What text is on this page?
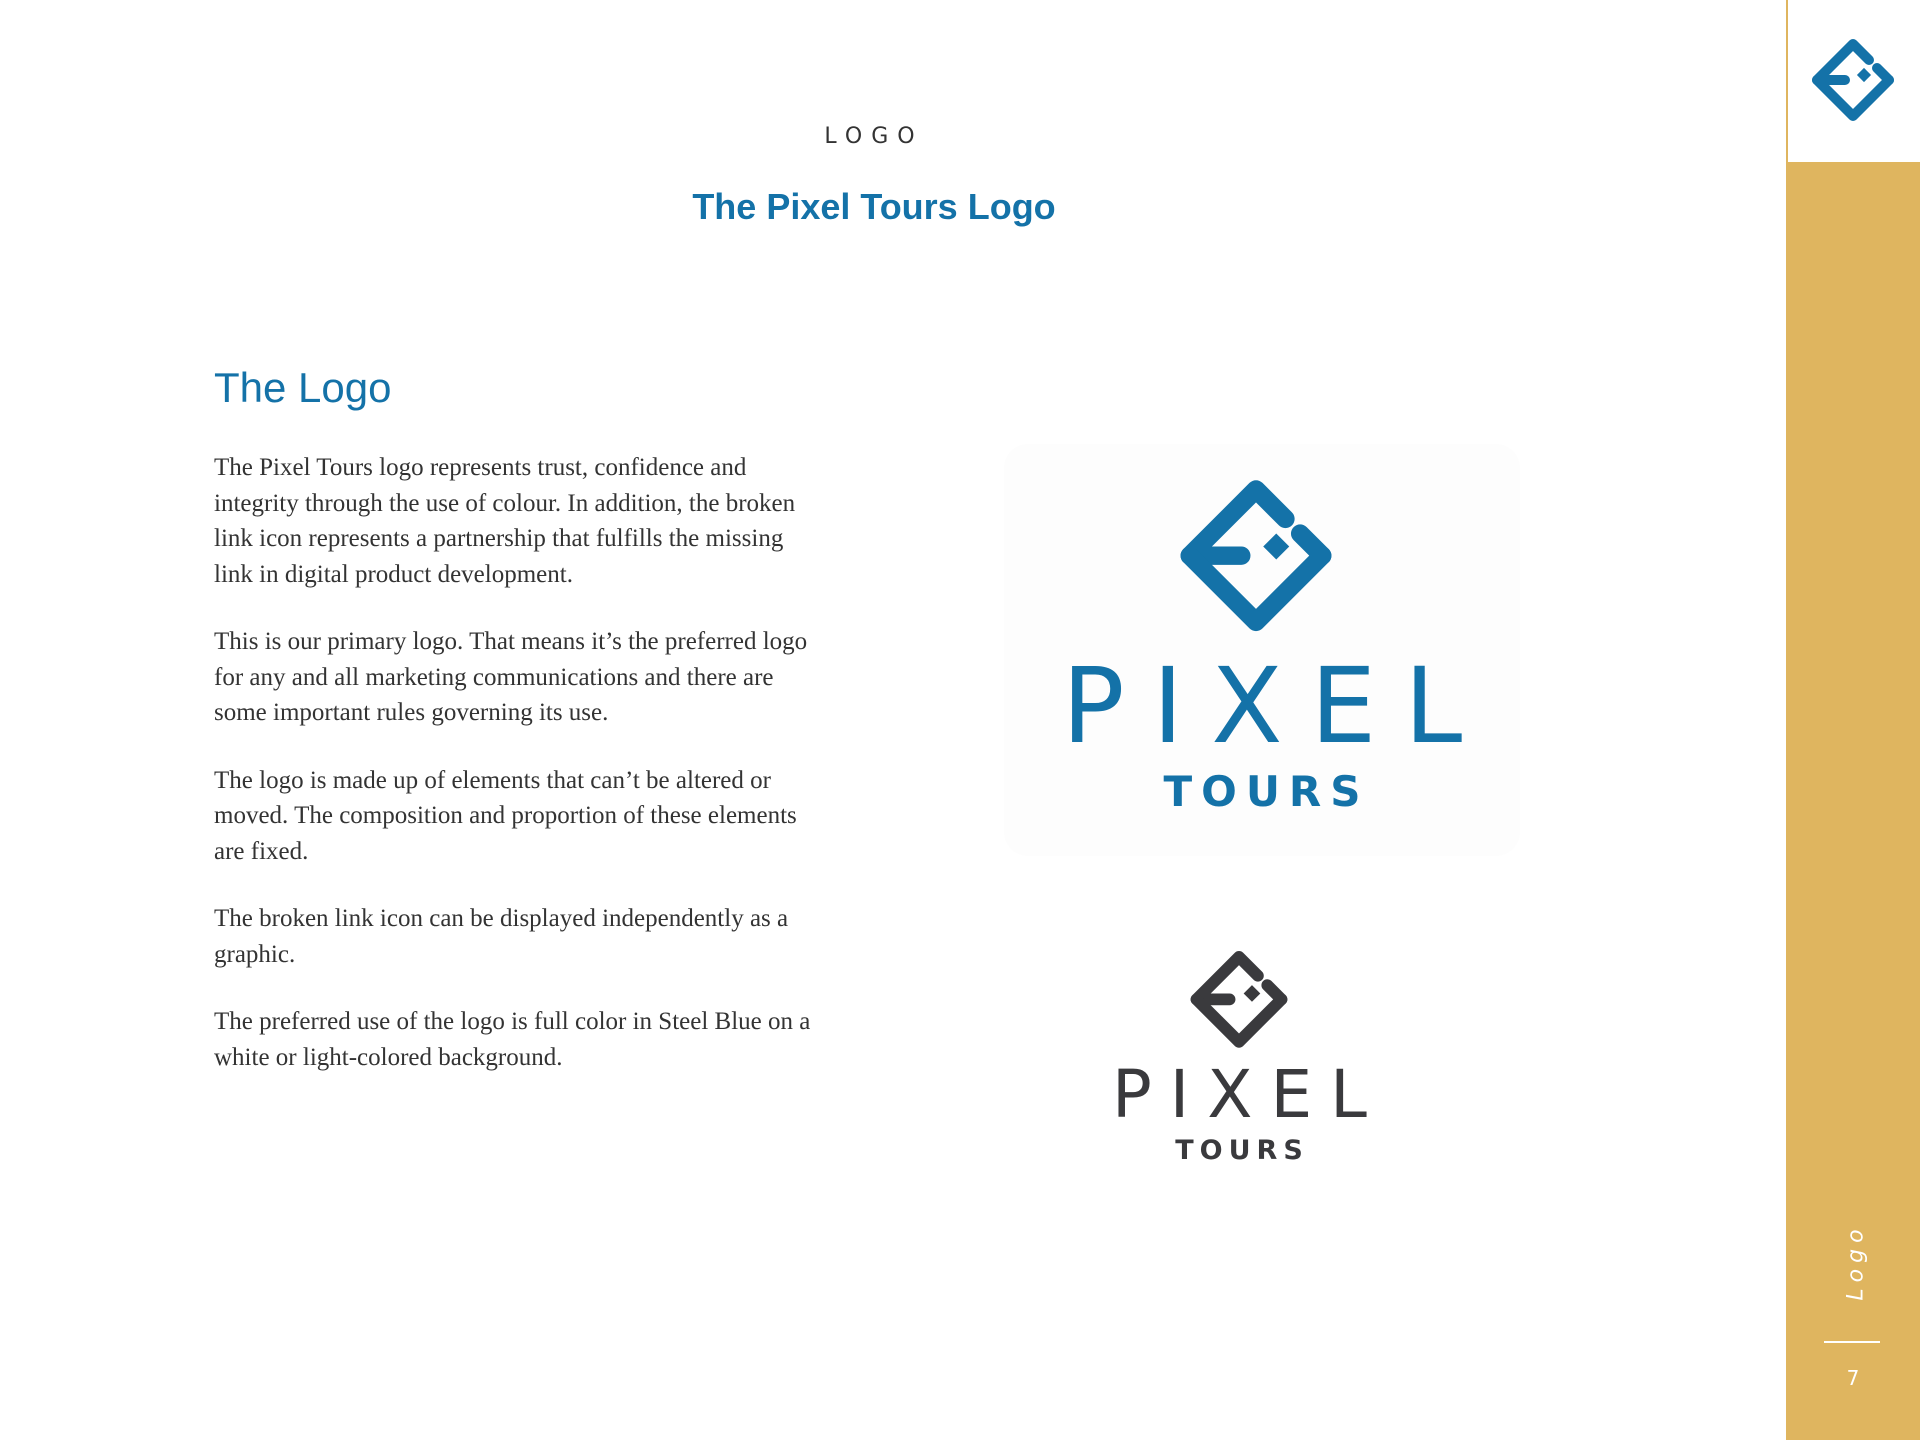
LOGO
The Pixel Tours Logo
The Logo

The Pixel Tours logo represents trust, confidence and integrity through the use of colour. In addition, the broken link icon represents a partnership that fulfills the missing link in digital product development.

This is our primary logo. That means it’s the preferred logo for any and all marketing communications and there are some important rules governing its use.

The logo is made up of elements that can’t be altered or moved. The composition and proportion of these elements are fixed.

The broken link icon can be displayed independently as a graphic.

The preferred use of the logo is full color in Steel Blue on a white or light-colored background.

PIXEL
TOURS
PIXEL
TOURS
Logo
7
